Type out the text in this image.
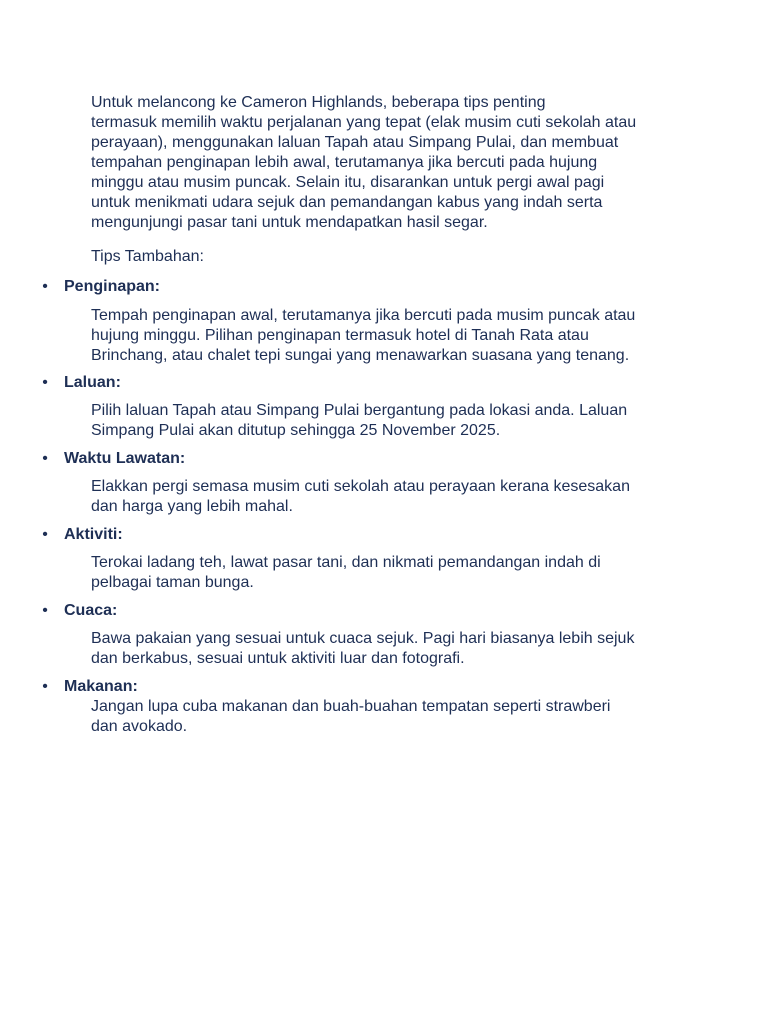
Untuk melancong ke Cameron Highlands, beberapa tips penting
termasuk memilih waktu perjalanan yang tepat (elak musim cuti sekolah atau
perayaan), menggunakan laluan Tapah atau Simpang Pulai, dan membuat
tempahan penginapan lebih awal, terutamanya jika bercuti pada hujung
minggu atau musim puncak. Selain itu, disarankan untuk pergi awal pagi
untuk menikmati udara sejuk dan pemandangan kabus yang indah serta
mengunjungi pasar tani untuk mendapatkan hasil segar.

Tips Tambahan:

• Penginapan:
Tempah penginapan awal, terutamanya jika bercuti pada musim puncak atau
hujung minggu. Pilihan penginapan termasuk hotel di Tanah Rata atau
Brinchang, atau chalet tepi sungai yang menawarkan suasana yang tenang.
• Laluan:
Pilih laluan Tapah atau Simpang Pulai bergantung pada lokasi anda. Laluan
Simpang Pulai akan ditutup sehingga 25 November 2025.
• Waktu Lawatan:
Elakkan pergi semasa musim cuti sekolah atau perayaan kerana kesesakan
dan harga yang lebih mahal.
• Aktiviti:
Terokai ladang teh, lawat pasar tani, dan nikmati pemandangan indah di
pelbagai taman bunga.
• Cuaca:
Bawa pakaian yang sesuai untuk cuaca sejuk. Pagi hari biasanya lebih sejuk
dan berkabus, sesuai untuk aktiviti luar dan fotografi.
• Makanan:
Jangan lupa cuba makanan dan buah-buahan tempatan seperti strawberi
dan avokado.
